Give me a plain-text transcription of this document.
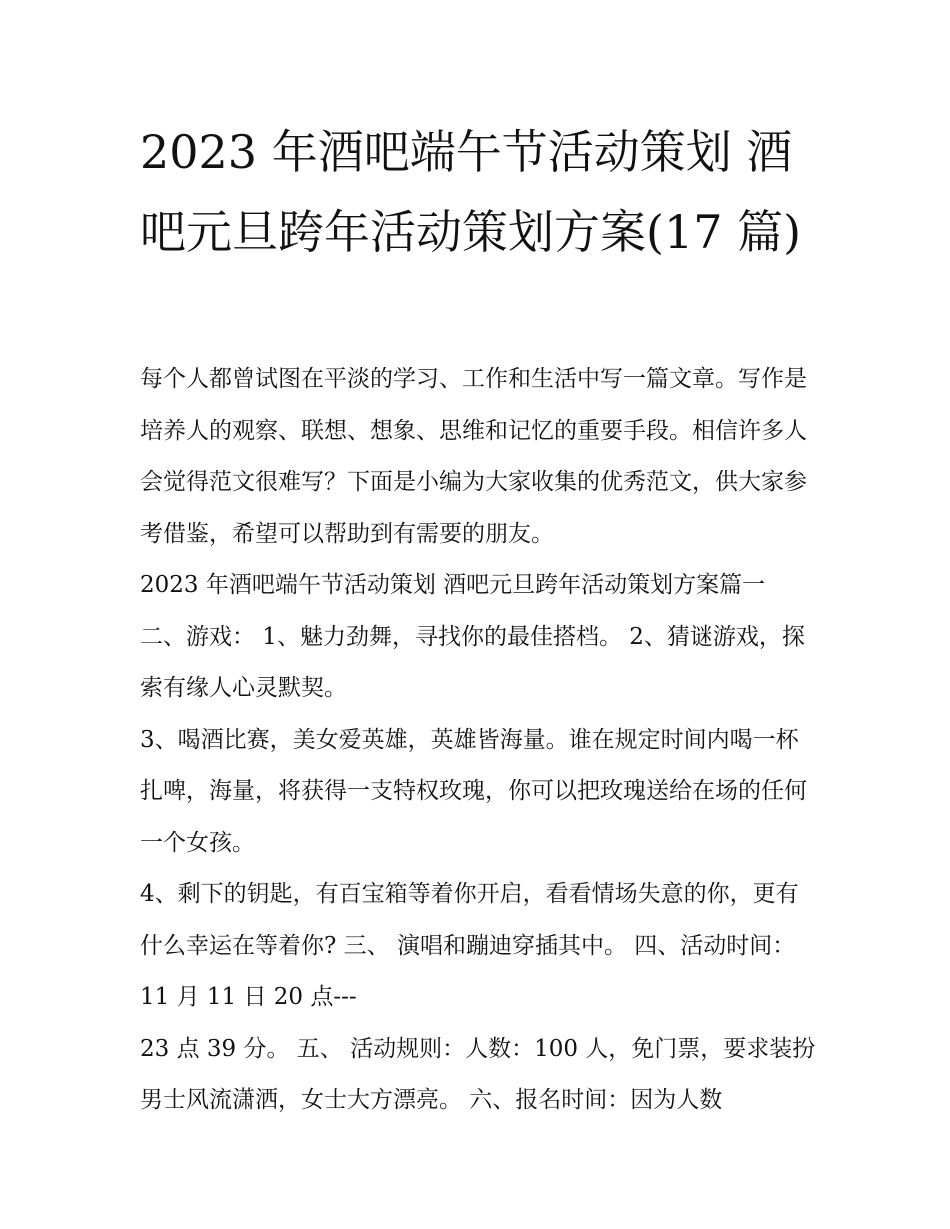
2023 年酒吧端午节活动策划 酒吧元旦跨年活动策划方案(17 篇)

每个人都曾试图在平淡的学习、工作和生活中写一篇文章。写作是培养人的观察、联想、想象、思维和记忆的重要手段。相信许多人会觉得范文很难写？下面是小编为大家收集的优秀范文，供大家参考借鉴，希望可以帮助到有需要的朋友。

2023 年酒吧端午节活动策划 酒吧元旦跨年活动策划方案篇一

二、游戏： 1、魅力劲舞，寻找你的最佳搭档。 2、猜谜游戏，探索有缘人心灵默契。

3、喝酒比赛，美女爱英雄，英雄皆海量。谁在规定时间内喝一杯扎啤，海量，将获得一支特权玫瑰，你可以把玫瑰送给在场的任何一个女孩。

4、剩下的钥匙，有百宝箱等着你开启，看看情场失意的你，更有什么幸运在等着你? 三、 演唱和蹦迪穿插其中。 四、活动时间：11 月 11 日 20 点---

23 点 39 分。 五、 活动规则：人数：100 人，免门票，要求装扮男士风流潇洒，女士大方漂亮。 六、报名时间：因为人数
